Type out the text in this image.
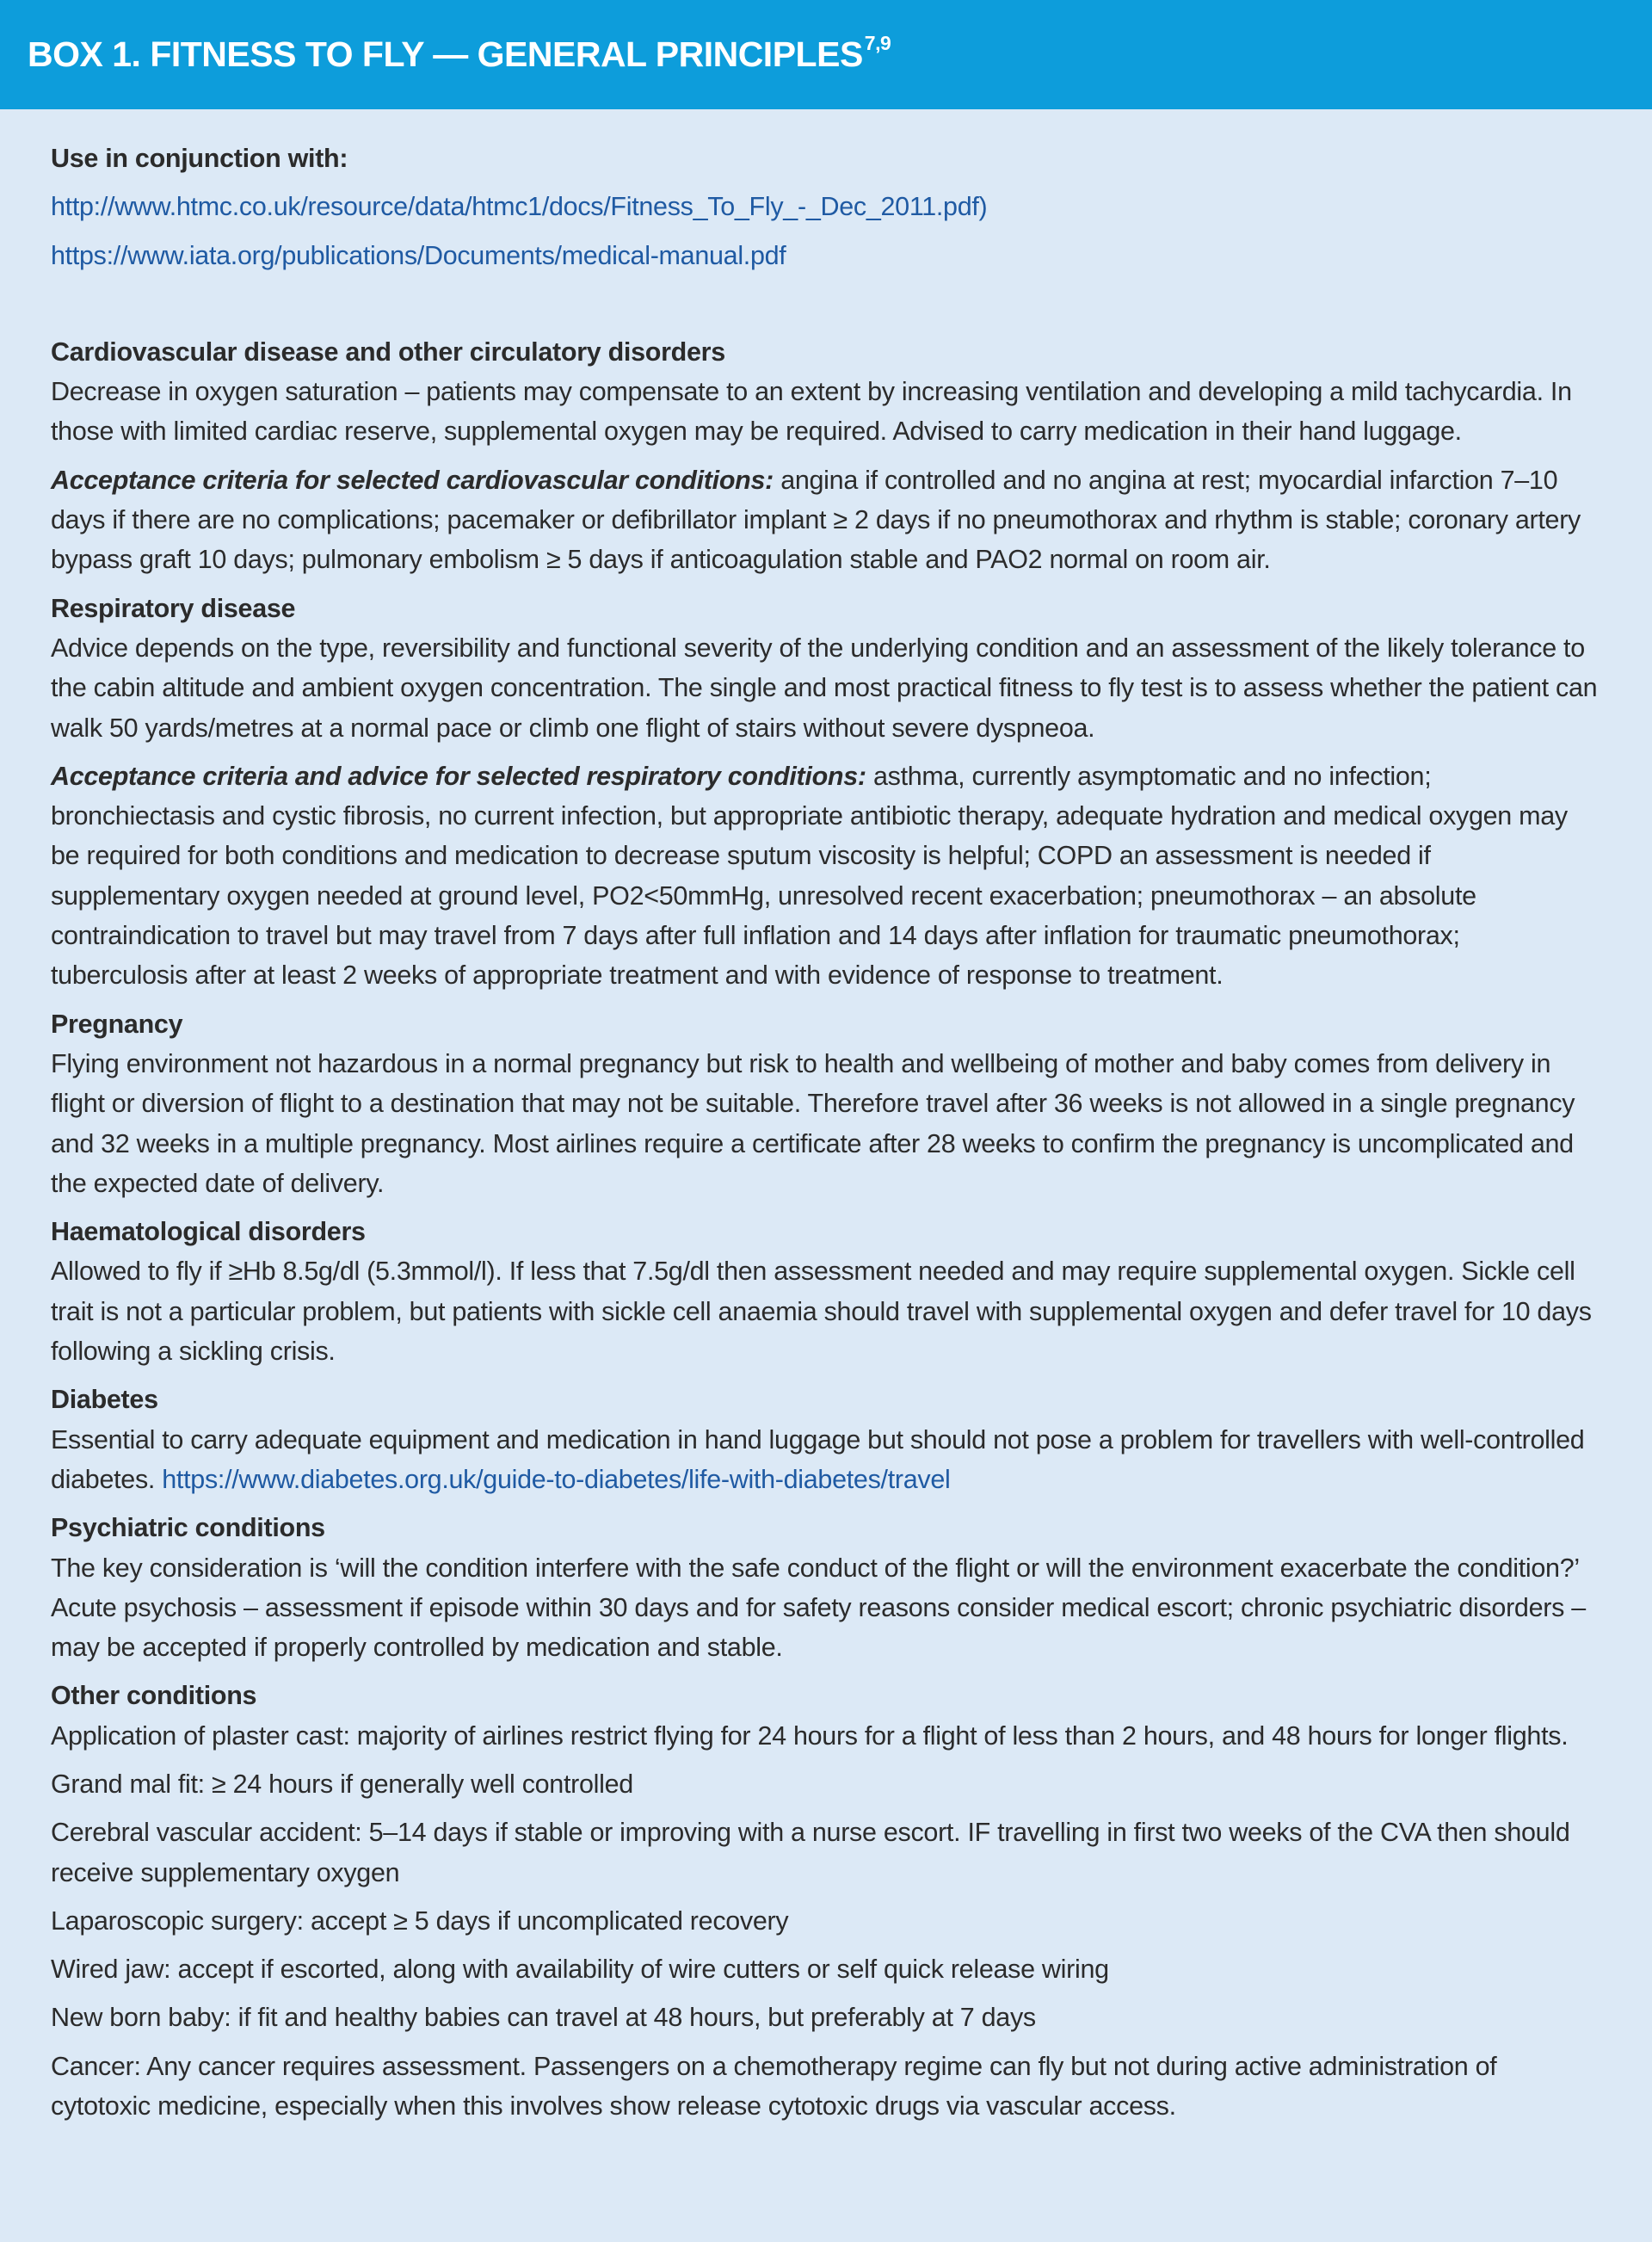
BOX 1. FITNESS TO FLY — GENERAL PRINCIPLES$^{7,9}$
Use in conjunction with:
http://www.htmc.co.uk/resource/data/htmc1/docs/Fitness_To_Fly_-_Dec_2011.pdf)
https://www.iata.org/publications/Documents/medical-manual.pdf
Cardiovascular disease and other circulatory disorders

Decrease in oxygen saturation – patients may compensate to an extent by increasing ventilation and developing a mild tachycardia. In those with limited cardiac reserve, supplemental oxygen may be required. Advised to carry medication in their hand luggage.

Acceptance criteria for selected cardiovascular conditions: angina if controlled and no angina at rest; myocardial infarction 7–10 days if there are no complications; pacemaker or defibrillator implant ≥ 2 days if no pneumothorax and rhythm is stable; coronary artery bypass graft 10 days; pulmonary embolism ≥ 5 days if anticoagulation stable and PAO2 normal on room air.

Respiratory disease

Advice depends on the type, reversibility and functional severity of the underlying condition and an assessment of the likely tolerance to the cabin altitude and ambient oxygen concentration. The single and most practical fitness to fly test is to assess whether the patient can walk 50 yards/metres at a normal pace or climb one flight of stairs without severe dyspneoa.

Acceptance criteria and advice for selected respiratory conditions: asthma, currently asymptomatic and no infection; bronchiectasis and cystic fibrosis, no current infection, but appropriate antibiotic therapy, adequate hydration and medical oxygen may be required for both conditions and medication to decrease sputum viscosity is helpful; COPD an assessment is needed if supplementary oxygen needed at ground level, PO2<50mmHg, unresolved recent exacerbation; pneumothorax – an absolute contraindication to travel but may travel from 7 days after full inflation and 14 days after inflation for traumatic pneumothorax; tuberculosis after at least 2 weeks of appropriate treatment and with evidence of response to treatment.

Pregnancy

Flying environment not hazardous in a normal pregnancy but risk to health and wellbeing of mother and baby comes from delivery in flight or diversion of flight to a destination that may not be suitable. Therefore travel after 36 weeks is not allowed in a single pregnancy and 32 weeks in a multiple pregnancy. Most airlines require a certificate after 28 weeks to confirm the pregnancy is uncomplicated and the expected date of delivery.

Haematological disorders

Allowed to fly if ≥Hb 8.5g/dl (5.3mmol/l). If less that 7.5g/dl then assessment needed and may require supplemental oxygen. Sickle cell trait is not a particular problem, but patients with sickle cell anaemia should travel with supplemental oxygen and defer travel for 10 days following a sickling crisis.

Diabetes

Essential to carry adequate equipment and medication in hand luggage but should not pose a problem for travellers with well-controlled diabetes. https://www.diabetes.org.uk/guide-to-diabetes/life-with-diabetes/travel

Psychiatric conditions

The key consideration is ‘will the condition interfere with the safe conduct of the flight or will the environment exacerbate the condition?’ Acute psychosis – assessment if episode within 30 days and for safety reasons consider medical escort; chronic psychiatric disorders – may be accepted if properly controlled by medication and stable.

Other conditions

Application of plaster cast: majority of airlines restrict flying for 24 hours for a flight of less than 2 hours, and 48 hours for longer flights.

Grand mal fit: ≥ 24 hours if generally well controlled

Cerebral vascular accident: 5–14 days if stable or improving with a nurse escort. IF travelling in first two weeks of the CVA then should receive supplementary oxygen

Laparoscopic surgery: accept ≥ 5 days if uncomplicated recovery

Wired jaw: accept if escorted, along with availability of wire cutters or self quick release wiring

New born baby: if fit and healthy babies can travel at 48 hours, but preferably at 7 days

Cancer: Any cancer requires assessment. Passengers on a chemotherapy regime can fly but not during active administration of cytotoxic medicine, especially when this involves show release cytotoxic drugs via vascular access.
